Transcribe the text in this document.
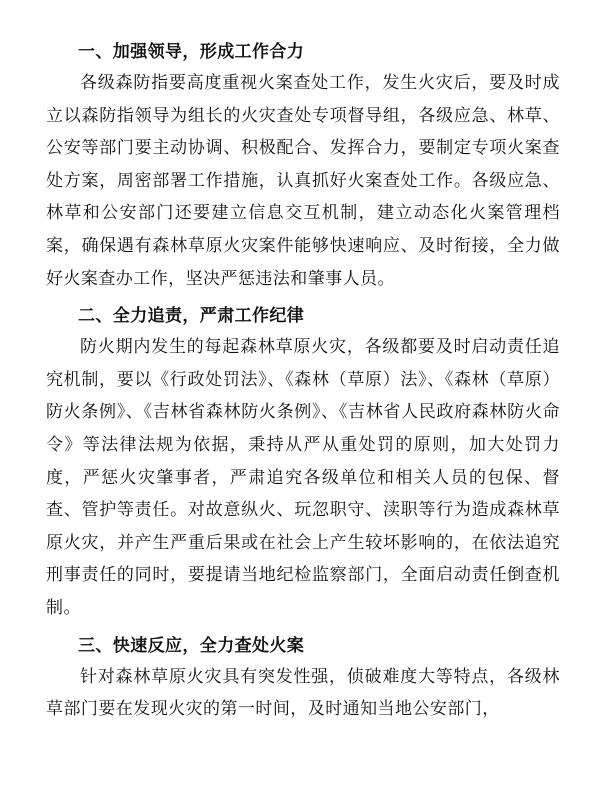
一、加强领导，形成工作合力

各级森防指要高度重视火案查处工作，发生火灾后，要及时成立以森防指领导为组长的火灾查处专项督导组，各级应急、林草、公安等部门要主动协调、积极配合、发挥合力，要制定专项火案查处方案，周密部署工作措施，认真抓好火案查处工作。各级应急、林草和公安部门还要建立信息交互机制，建立动态化火案管理档案，确保遇有森林草原火灾案件能够快速响应、及时衔接，全力做好火案查办工作，坚决严惩违法和肇事人员。

二、全力追责，严肃工作纪律

防火期内发生的每起森林草原火灾，各级都要及时启动责任追究机制，要以《行政处罚法》、《森林（草原）法》、《森林（草原）防火条例》、《吉林省森林防火条例》、《吉林省人民政府森林防火命令》等法律法规为依据，秉持从严从重处罚的原则，加大处罚力度，严惩火灾肇事者，严肃追究各级单位和相关人员的包保、督查、管护等责任。对故意纵火、玩忽职守、渎职等行为造成森林草原火灾，并产生严重后果或在社会上产生较坏影响的，在依法追究刑事责任的同时，要提请当地纪检监察部门，全面启动责任倒查机制。

三、快速反应，全力查处火案

针对森林草原火灾具有突发性强，侦破难度大等特点，各级林草部门要在发现火灾的第一时间，及时通知当地公安部门，
